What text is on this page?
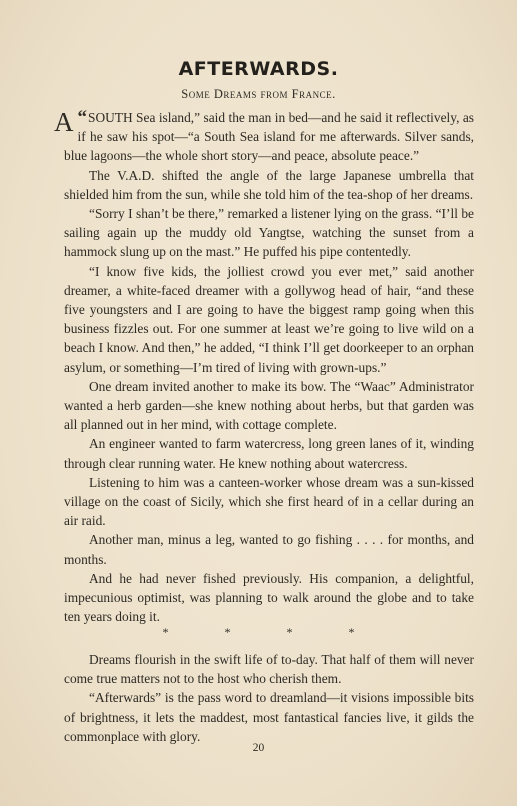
AFTERWARDS.
Some Dreams from France.

“
A SOUTH Sea island,” said the man in bed—and he said it reflectively, as if he saw his spot—“a South Sea island for me afterwards. Silver sands, blue lagoons—the whole short story—and peace, absolute peace.”

The V.A.D. shifted the angle of the large Japanese umbrella that shielded him from the sun, while she told him of the tea-shop of her dreams.

“Sorry I shan’t be there,” remarked a listener lying on the grass. “I’ll be sailing again up the muddy old Yangtse, watching the sunset from a hammock slung up on the mast.” He puffed his pipe contentedly.

“I know five kids, the jolliest crowd you ever met,” said another dreamer, a white-faced dreamer with a gollywog head of hair, “and these five youngsters and I are going to have the biggest ramp going when this business fizzles out. For one summer at least we’re going to live wild on a beach I know. And then,” he added, “I think I’ll get doorkeeper to an orphan asylum, or something—I’m tired of living with grown-ups.”

One dream invited another to make its bow. The “Waac” Administrator wanted a herb garden—she knew nothing about herbs, but that garden was all planned out in her mind, with cottage complete.

An engineer wanted to farm watercress, long green lanes of it, winding through clear running water. He knew nothing about watercress.

Listening to him was a canteen-worker whose dream was a sun-kissed village on the coast of Sicily, which she first heard of in a cellar during an air raid.

Another man, minus a leg, wanted to go fishing . . . . for months, and months.

And he had never fished previously. His companion, a delightful, impecunious optimist, was planning to walk around the globe and to take ten years doing it.

*	*	*	*

Dreams flourish in the swift life of to-day. That half of them will never come true matters not to the host who cherish them.

“Afterwards” is the pass word to dreamland—it visions impossible bits of brightness, it lets the maddest, most fantastical fancies live, it gilds the commonplace with glory.

20
